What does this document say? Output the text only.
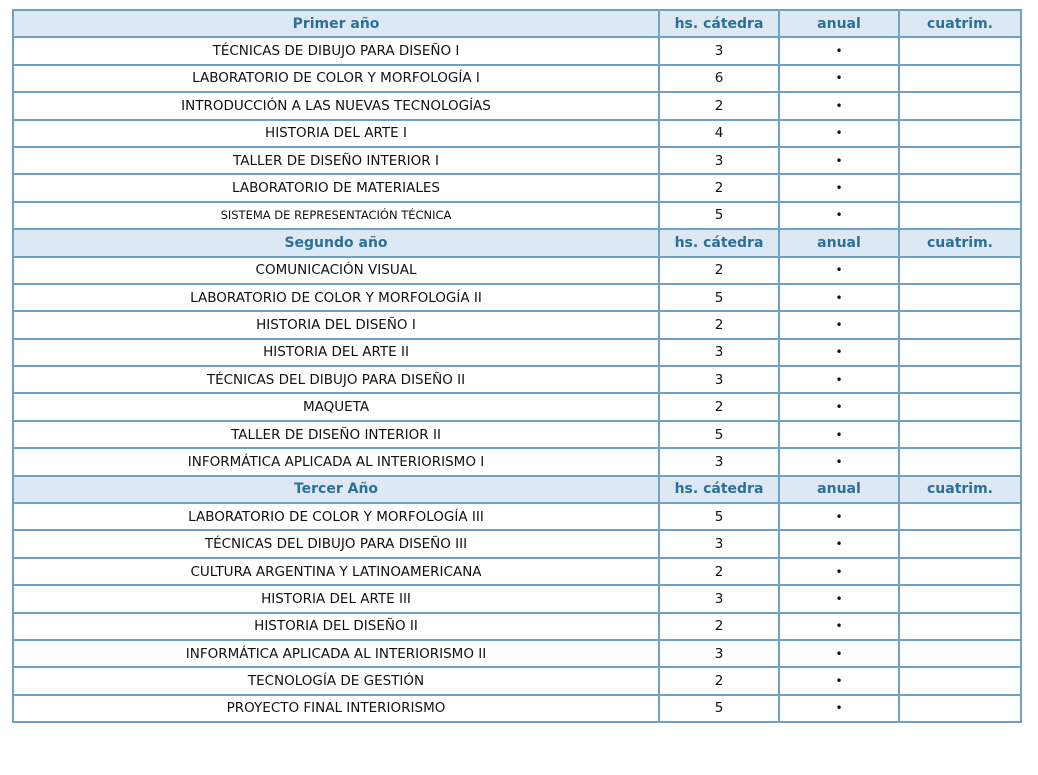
Primer año	hs. cátedra	anual	cuatrim.
TÉCNICAS DE DIBUJO PARA DISEÑO I	3	•	
LABORATORIO DE COLOR Y MORFOLOGÍA I	6	•	
INTRODUCCIÓN A LAS NUEVAS TECNOLOGÍAS	2	•	
HISTORIA DEL ARTE I	4	•	
TALLER DE DISEÑO INTERIOR I	3	•	
LABORATORIO DE MATERIALES	2	•	
SISTEMA DE REPRESENTACIÓN TÉCNICA	5	•	
Segundo año	hs. cátedra	anual	cuatrim.
COMUNICACIÓN VISUAL	2	•	
LABORATORIO DE COLOR Y MORFOLOGÍA II	5	•	
HISTORIA DEL DISEÑO I	2	•	
HISTORIA DEL ARTE II	3	•	
TÉCNICAS DEL DIBUJO PARA DISEÑO II	3	•	
MAQUETA	2	•	
TALLER DE DISEÑO INTERIOR II	5	•	
INFORMÁTICA APLICADA AL INTERIORISMO I	3	•	
Tercer Año	hs. cátedra	anual	cuatrim.
LABORATORIO DE COLOR Y MORFOLOGÍA III	5	•	
TÉCNICAS DEL DIBUJO PARA DISEÑO III	3	•	
CULTURA ARGENTINA Y LATINOAMERICANA	2	•	
HISTORIA DEL ARTE III	3	•	
HISTORIA DEL DISEÑO II	2	•	
INFORMÁTICA APLICADA AL INTERIORISMO II	3	•	
TECNOLOGÍA DE GESTIÓN	2	•	
PROYECTO FINAL INTERIORISMO	5	•	
